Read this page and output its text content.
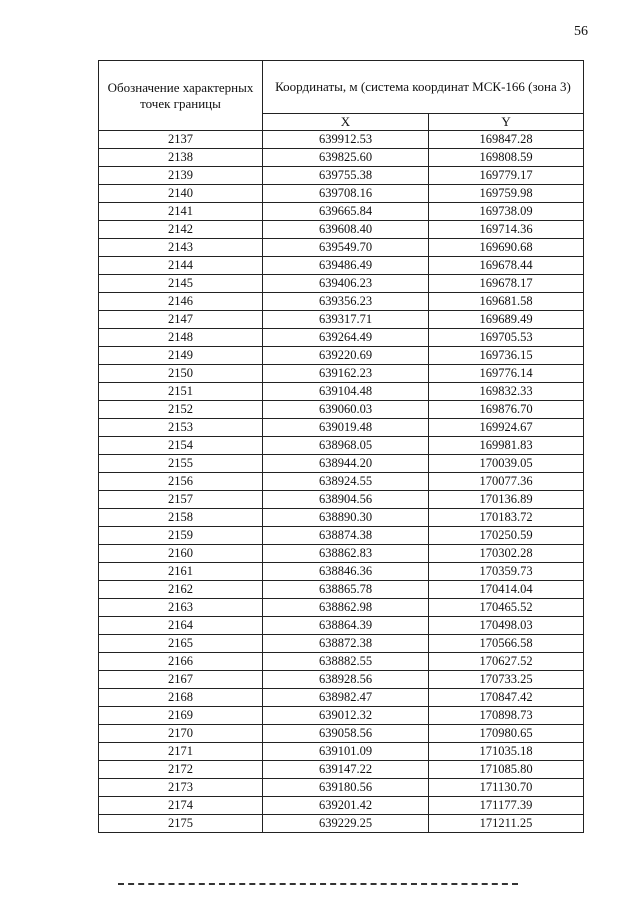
56
Обозначение характерных точек границы	Координаты, м (система координат МСК-166 (зона 3)	
	X	Y
2137	639912.53	169847.28
2138	639825.60	169808.59
2139	639755.38	169779.17
2140	639708.16	169759.98
2141	639665.84	169738.09
2142	639608.40	169714.36
2143	639549.70	169690.68
2144	639486.49	169678.44
2145	639406.23	169678.17
2146	639356.23	169681.58
2147	639317.71	169689.49
2148	639264.49	169705.53
2149	639220.69	169736.15
2150	639162.23	169776.14
2151	639104.48	169832.33
2152	639060.03	169876.70
2153	639019.48	169924.67
2154	638968.05	169981.83
2155	638944.20	170039.05
2156	638924.55	170077.36
2157	638904.56	170136.89
2158	638890.30	170183.72
2159	638874.38	170250.59
2160	638862.83	170302.28
2161	638846.36	170359.73
2162	638865.78	170414.04
2163	638862.98	170465.52
2164	638864.39	170498.03
2165	638872.38	170566.58
2166	638882.55	170627.52
2167	638928.56	170733.25
2168	638982.47	170847.42
2169	639012.32	170898.73
2170	639058.56	170980.65
2171	639101.09	171035.18
2172	639147.22	171085.80
2173	639180.56	171130.70
2174	639201.42	171177.39
2175	639229.25	171211.25
